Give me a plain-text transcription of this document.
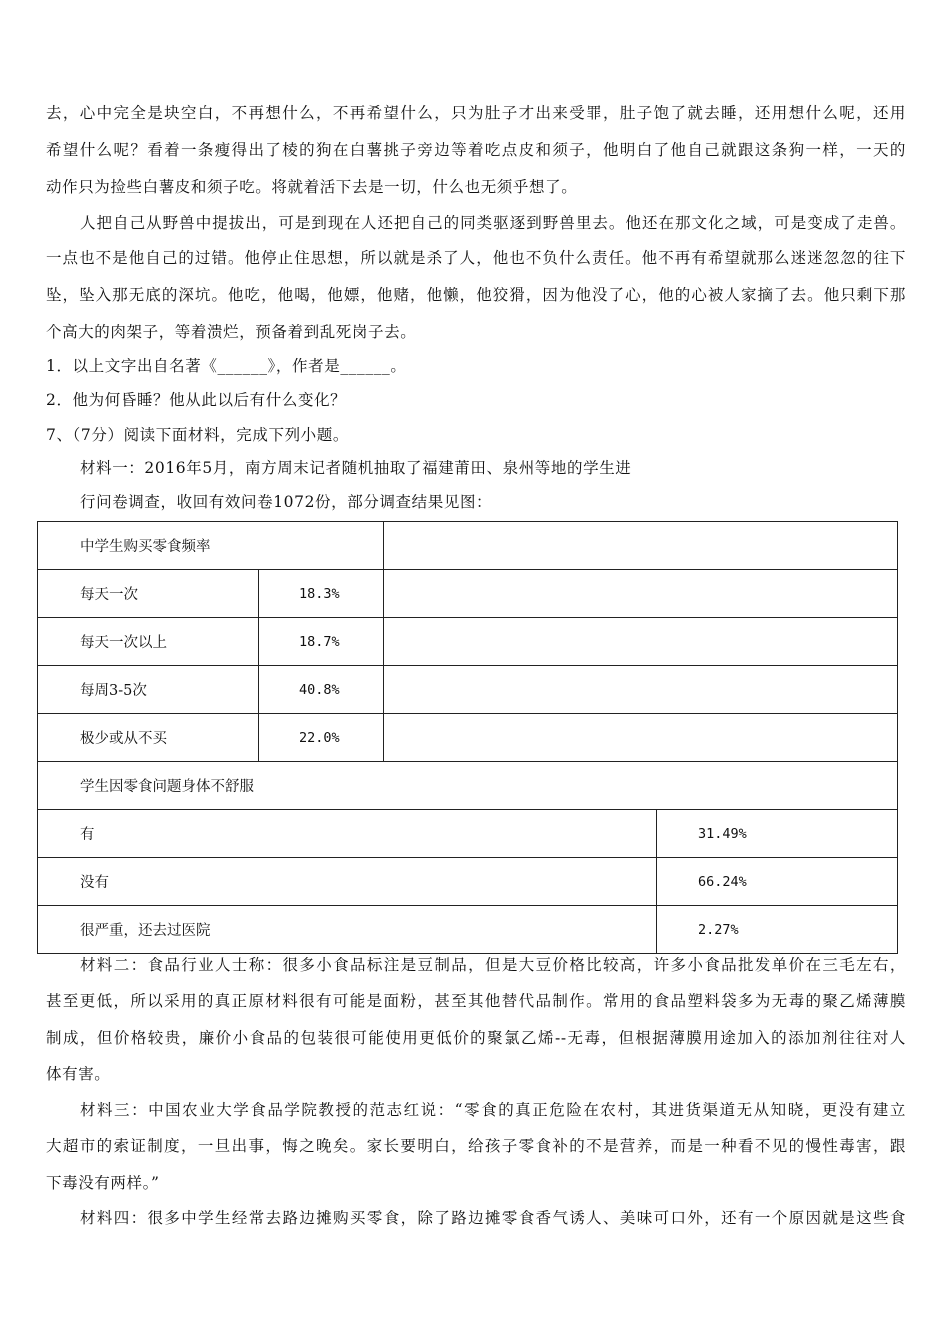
去，心中完全是块空白，不再想什么，不再希望什么，只为肚子才出来受罪，肚子饱了就去睡，还用想什么呢，还用
希望什么呢？看着一条瘦得出了棱的狗在白薯挑子旁边等着吃点皮和须子，他明白了他自己就跟这条狗一样，一天的
动作只为捡些白薯皮和须子吃。将就着活下去是一切，什么也无须乎想了。
人把自己从野兽中提拔出，可是到现在人还把自己的同类驱逐到野兽里去。他还在那文化之域，可是变成了走兽。
一点也不是他自己的过错。他停止住思想，所以就是杀了人，他也不负什么责任。他不再有希望就那么迷迷忽忽的往下
坠，坠入那无底的深坑。他吃，他喝，他嫖，他赌，他懒，他狡猾，因为他没了心，他的心被人家摘了去。他只剩下那
个高大的肉架子，等着溃烂，预备着到乱死岗子去。
1．以上文字出自名著《______》，作者是______。
2．他为何昏睡？他从此以后有什么变化？
7、（7分）阅读下面材料，完成下列小题。
材料一：2016年5月，南方周末记者随机抽取了福建莆田、泉州等地的学生进
行问卷调查，收回有效问卷1072份，部分调查结果见图：
中学生购买零食频率			
每天一次	18.3%		
每天一次以上	18.7%		
每周3-5次	40.8%		
极少或从不买	22.0%		
学生因零食问题身体不舒服			
有			31.49%
没有			66.24%
很严重，还去过医院			2.27%
材料二：食品行业人士称：很多小食品标注是豆制品，但是大豆价格比较高，许多小食品批发单价在三毛左右，
甚至更低，所以采用的真正原材料很有可能是面粉，甚至其他替代品制作。常用的食品塑料袋多为无毒的聚乙烯薄膜
制成，但价格较贵，廉价小食品的包装很可能使用更低价的聚氯乙烯--无毒，但根据薄膜用途加入的添加剂往往对人
体有害。
材料三：中国农业大学食品学院教授的范志红说：“零食的真正危险在农村，其进货渠道无从知晓，更没有建立
大超市的索证制度，一旦出事，悔之晚矣。家长要明白，给孩子零食补的不是营养，而是一种看不见的慢性毒害，跟
下毒没有两样。”
材料四：很多中学生经常去路边摊购买零食，除了路边摊零食香气诱人、美味可口外，还有一个原因就是这些食
